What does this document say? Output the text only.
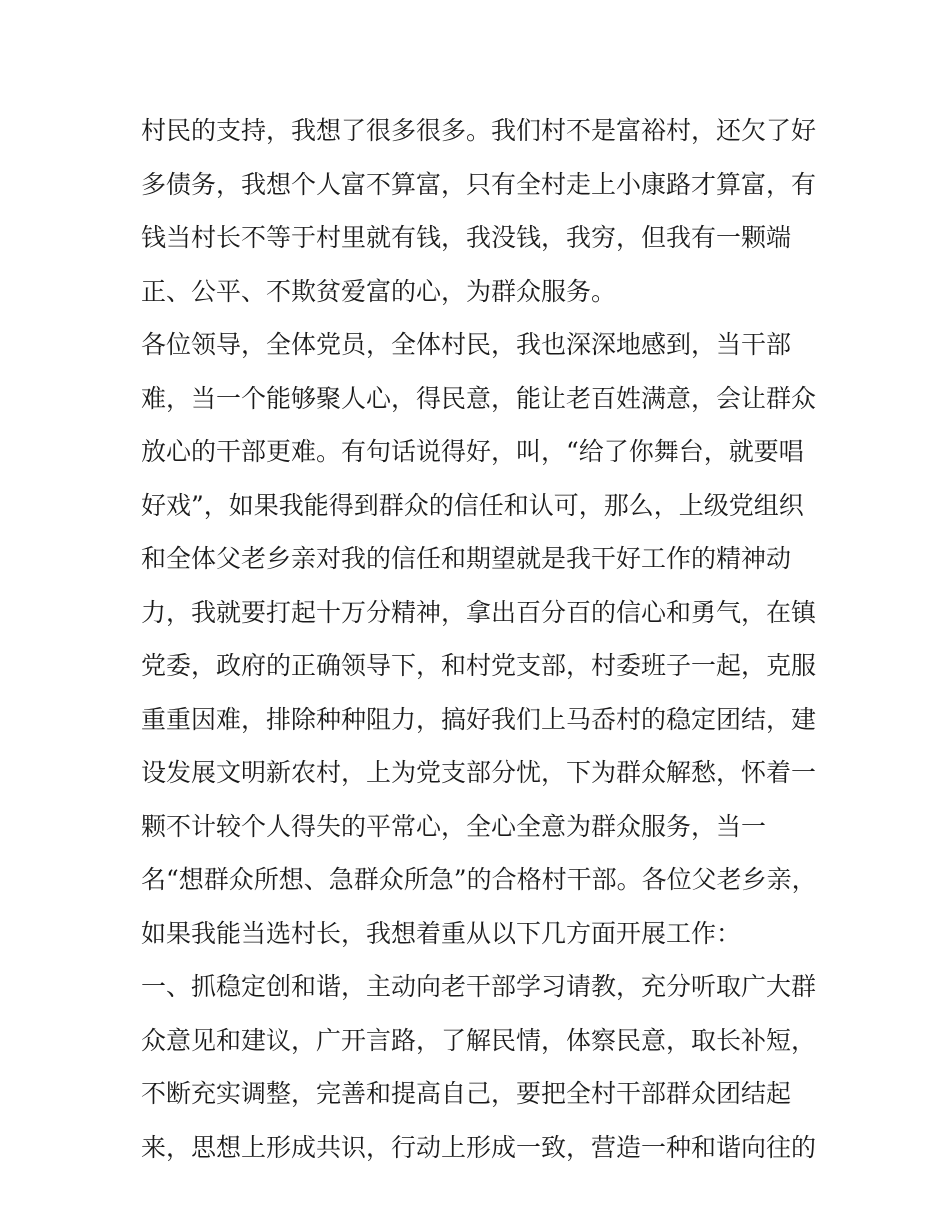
村民的支持，我想了很多很多。我们村不是富裕村，还欠了好
多债务，我想个人富不算富，只有全村走上小康路才算富，有
钱当村长不等于村里就有钱，我没钱，我穷，但我有一颗端
正、公平、不欺贫爱富的心，为群众服务。
各位领导，全体党员，全体村民，我也深深地感到，当干部
难，当一个能够聚人心，得民意，能让老百姓满意，会让群众
放心的干部更难。有句话说得好，叫，“给了你舞台，就要唱
好戏”，如果我能得到群众的信任和认可，那么，上级党组织
和全体父老乡亲对我的信任和期望就是我干好工作的精神动
力，我就要打起十万分精神，拿出百分百的信心和勇气，在镇
党委，政府的正确领导下，和村党支部，村委班子一起，克服
重重因难，排除种种阻力，搞好我们上马岙村的稳定团结，建
设发展文明新农村，上为党支部分忧，下为群众解愁，怀着一
颗不计较个人得失的平常心，全心全意为群众服务，当一
名“想群众所想、急群众所急”的合格村干部。各位父老乡亲，
如果我能当选村长，我想着重从以下几方面开展工作：
一、抓稳定创和谐，主动向老干部学习请教，充分听取广大群
众意见和建议，广开言路，了解民情，体察民意，取长补短，
不断充实调整，完善和提高自己，要把全村干部群众团结起
来，思想上形成共识，行动上形成一致，营造一种和谐向往的
